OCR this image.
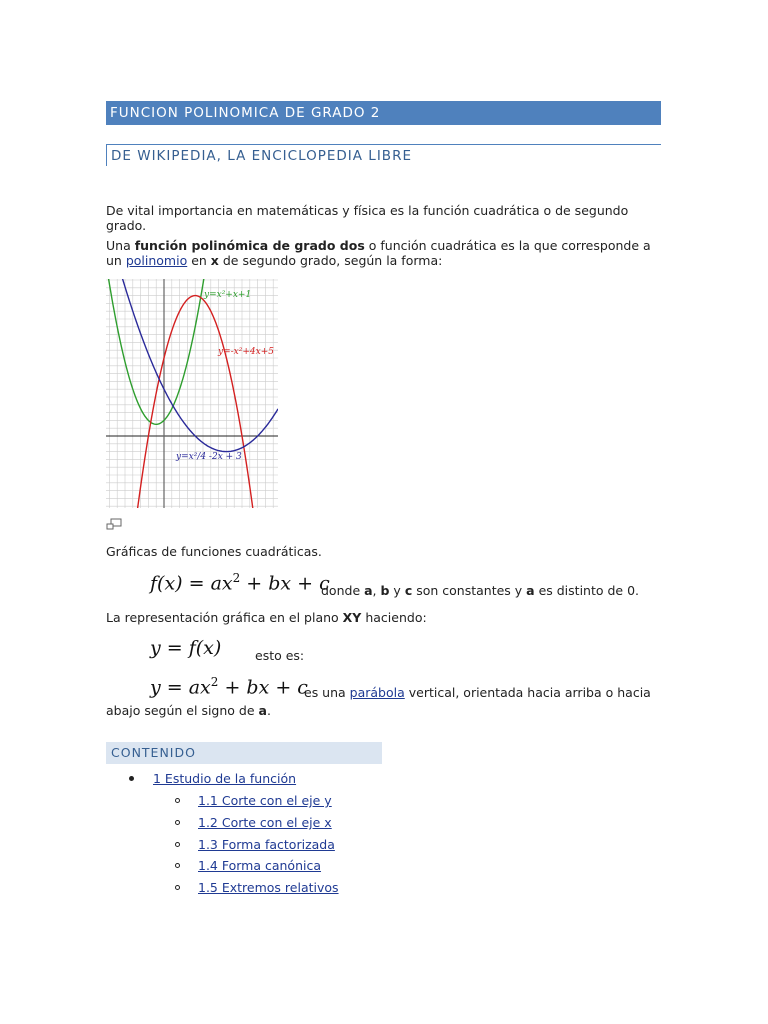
FUNCION POLINOMICA DE GRADO 2
DE WIKIPEDIA, LA ENCICLOPEDIA LIBRE
De vital importancia en matemáticas y física es la función cuadrática o de segundo
grado.
Una función polinómica de grado dos o función cuadrática es la que corresponde a
un polinomio en x de segundo grado, según la forma:
y=x²+x+1
y=-x²+4x+5
y=x²/4 -2x + 3
Gráficas de funciones cuadráticas.
$f(x) = ax^2$ + bx + c
donde a, b y c son constantes y a es distinto de 0.
La representación gráfica en el plano XY haciendo:
y = f(x)	esto es:
$y = ax^2$ + bx + c
es una parábola vertical, orientada hacia arriba o hacia
abajo según el signo de a.
CONTENIDO
1 Estudio de la función
1.1 Corte con el eje y
1.2 Corte con el eje x
1.3 Forma factorizada
1.4 Forma canónica
1.5 Extremos relativos
